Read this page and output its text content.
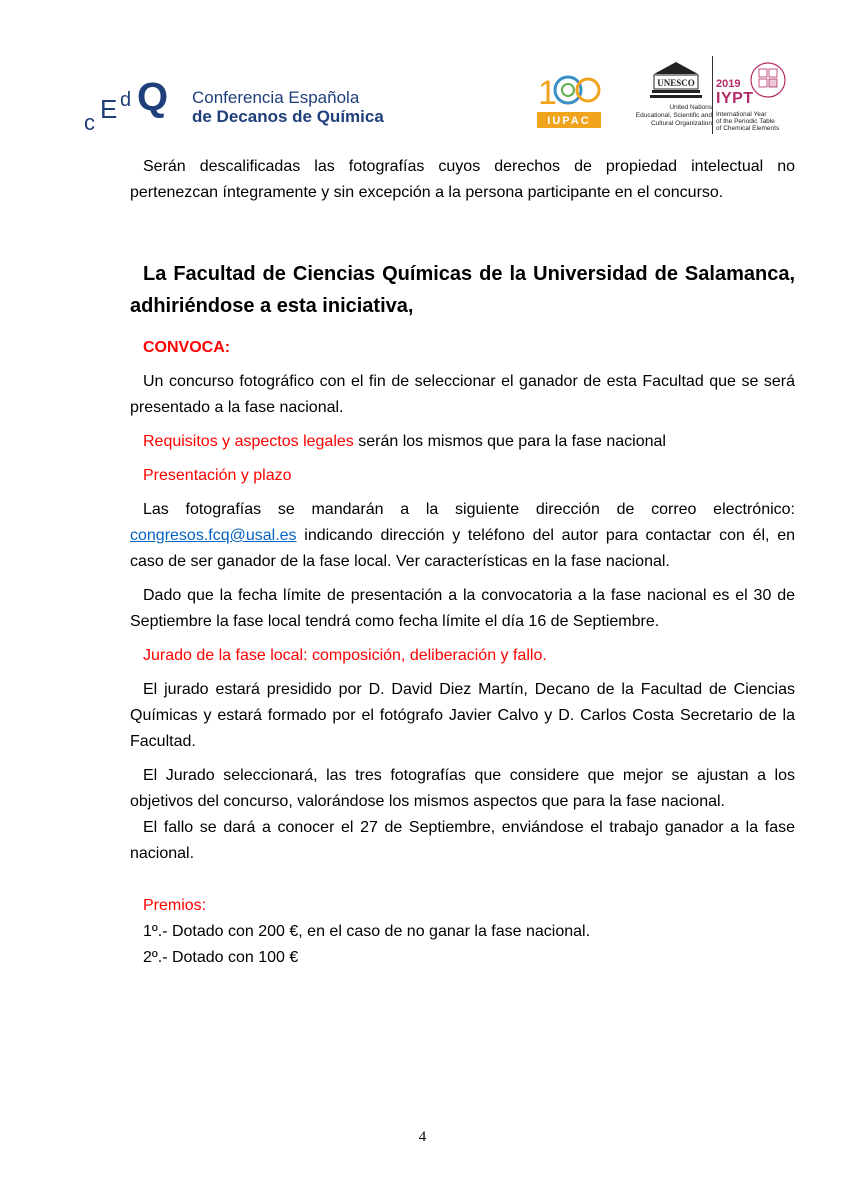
c E d Q Conferencia Española
de Decanos de Química
1
IUPAC
UNESCO
United Nations
Educational, Scientific and
Cultural Organization
2019
IYPT
International Year
of the Periodic Table
of Chemical Elements

Serán descalificadas las fotografías cuyos derechos de propiedad intelectual no pertenezcan íntegramente y sin excepción a la persona participante en el concurso.

La Facultad de Ciencias Químicas de la Universidad de Salamanca, adhiriéndose a esta iniciativa,

CONVOCA:

Un concurso fotográfico con el fin de seleccionar el ganador de esta Facultad que se será presentado a la fase nacional.

Requisitos y aspectos legales serán los mismos que para la fase nacional

Presentación y plazo

Las fotografías se mandarán a la siguiente dirección de correo electrónico: congresos.fcq@usal.es indicando dirección y teléfono del autor para contactar con él, en caso de ser ganador de la fase local. Ver características en la fase nacional.

Dado que la fecha límite de presentación a la convocatoria a la fase nacional es el 30 de Septiembre la fase local tendrá como fecha límite el día 16 de Septiembre.

Jurado de la fase local: composición, deliberación y fallo.

El jurado estará presidido por D. David Diez Martín, Decano de la Facultad de Ciencias Químicas y estará formado por el fotógrafo Javier Calvo y D. Carlos Costa Secretario de la Facultad.

El Jurado seleccionará, las tres fotografías que considere que mejor se ajustan a los objetivos del concurso, valorándose los mismos aspectos que para la fase nacional.

El fallo se dará a conocer el 27 de Septiembre, enviándose el trabajo ganador a la fase nacional.

Premios:

1º.- Dotado con 200 €, en el caso de no ganar la fase nacional.

2º.- Dotado con 100 €

4
